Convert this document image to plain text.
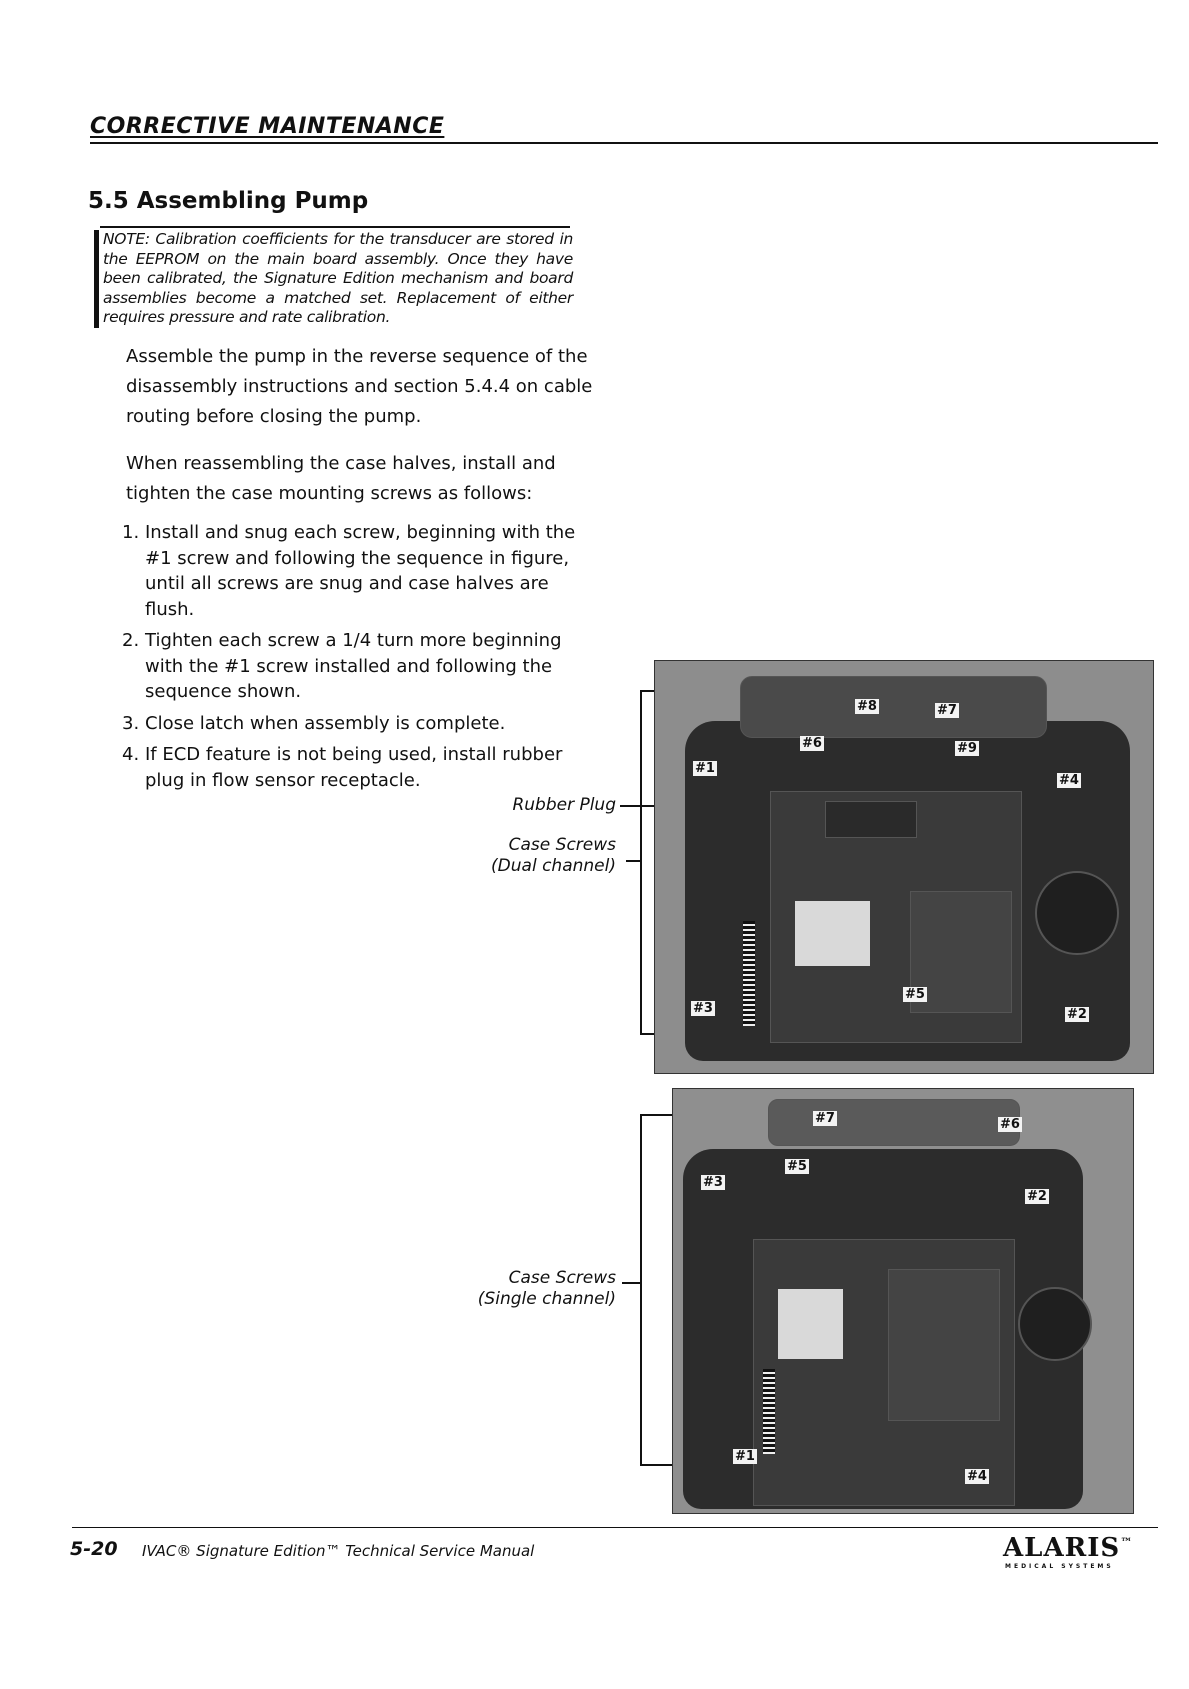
CORRECTIVE MAINTENANCE
5.5 Assembling Pump
NOTE: Calibration coefficients for the transducer are stored in the EEPROM on the main board assembly. Once they have been calibrated, the Signature Edition mechanism and board assemblies become a matched set. Replacement of either requires pressure and rate calibration.
Assemble the pump in the reverse sequence of the disassembly instructions and section 5.4.4 on cable routing before closing the pump.
When reassembling the case halves, install and tighten the case mounting screws as follows:
1. Install and snug each screw, beginning with the #1 screw and following the sequence in figure, until all screws are snug and case halves are flush.
2. Tighten each screw a 1/4 turn more beginning with the #1 screw installed and following the sequence shown.
3. Close latch when assembly is complete.
4. If ECD feature is not being used, install rubber plug in flow sensor receptacle.
Rubber Plug
Case Screws
(Dual channel)
#8	#7
#6	#9
#1
#4
#5
#3	#2
Case Screws
(Single channel)
#7	#6
#5
#3
#2
#1
#4
5-20 IVAC® Signature Edition™ Technical Service Manual	ALARIS™
MEDICAL SYSTEMS
